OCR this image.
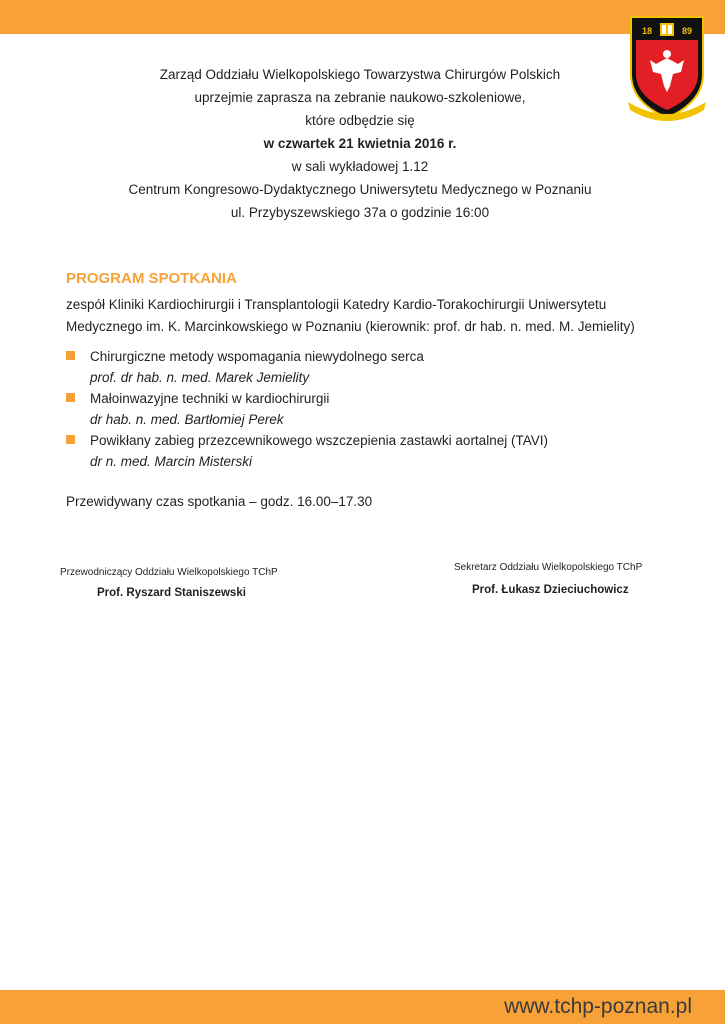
18	89
Zarząd Oddziału Wielkopolskiego Towarzystwa Chirurgów Polskich
uprzejmie zaprasza na zebranie naukowo-szkoleniowe,
które odbędzie się
w czwartek 21 kwietnia 2016 r.
w sali wykładowej 1.12
Centrum Kongresowo-Dydaktycznego Uniwersytetu Medycznego w Poznaniu
ul. Przybyszewskiego 37a o godzinie 16:00
PROGRAM SPOTKANIA
zespół Kliniki Kardiochirurgii i Transplantologii Katedry Kardio-Torakochirurgii Uniwersytetu Medycznego im. K. Marcinkowskiego w Poznaniu (kierownik: prof. dr hab. n. med. M. Jemielity)
Chirurgiczne metody wspomagania niewydolnego serca
prof. dr hab. n. med. Marek Jemielity
Małoinwazyjne techniki w kardiochirurgii
dr hab. n. med. Bartłomiej Perek
Powikłany zabieg przezcewnikowego wszczepienia zastawki aortalnej (TAVI)
dr n. med. Marcin Misterski
Przewidywany czas spotkania – godz. 16.00–17.30
Przewodniczący Oddziału Wielkopolskiego TChP
Prof. Ryszard Staniszewski
Sekretarz Oddziału Wielkopolskiego TChP
Prof. Łukasz Dzieciuchowicz
www.tchp-poznan.pl
